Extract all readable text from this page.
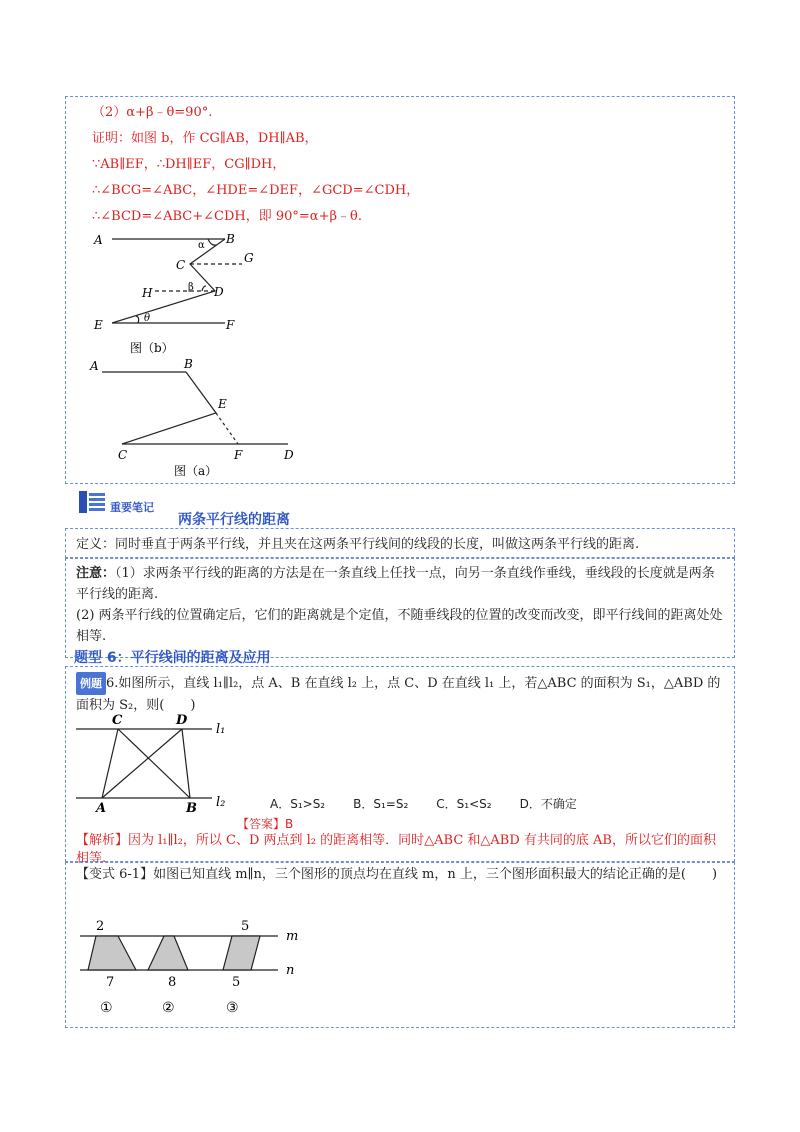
（2）α+β﹣θ=90°.
证明：如图 b，作 CG∥AB，DH∥AB，
∵AB∥EF，∴DH∥EF，CG∥DH，
∴∠BCG=∠ABC，∠HDE=∠DEF，∠GCD=∠CDH，
∴∠BCD=∠ABC+∠CDH，即 90°=α+β﹣θ.
A	B
α
C	G
H	β D
θ
E	F
图（b）
A	B
E
C	F	D
图（a）
重要笔记
两条平行线的距离
定义：同时垂直于两条平行线，并且夹在这两条平行线间的线段的长度，叫做这两条平行线的距离.
注意：（1）求两条平行线的距离的方法是在一条直线上任找一点，向另一条直线作垂线，垂线段的长度就是两条平行线的距离.
(2) 两条平行线的位置确定后，它们的距离就是个定值，不随垂线段的位置的改变而改变，即平行线间的距离处处相等.
题型 6：平行线间的距离及应用
例题 6.如图所示，直线 l₁∥l₂，点 A、B 在直线 l₂ 上，点 C、D 在直线 l₁ 上，若△ABC 的面积为 S₁，△ABD 的面积为 S₂，则(　　)
C	D
l₁
A	B l₂	A．S₁>S₂ B．S₁=S₂ C．S₁<S₂ D．不确定
【答案】B
【解析】因为 l₁∥l₂，所以 C、D 两点到 l₂ 的距离相等．同时△ABC 和△ABD 有共同的底 AB，所以它们的面积相等.
【变式 6-1】如图已知直线 m∥n，三个图形的顶点均在直线 m，n 上，三个图形面积最大的结论正确的是(　　)
2	5
m
n
7	8	5
①	②	③
